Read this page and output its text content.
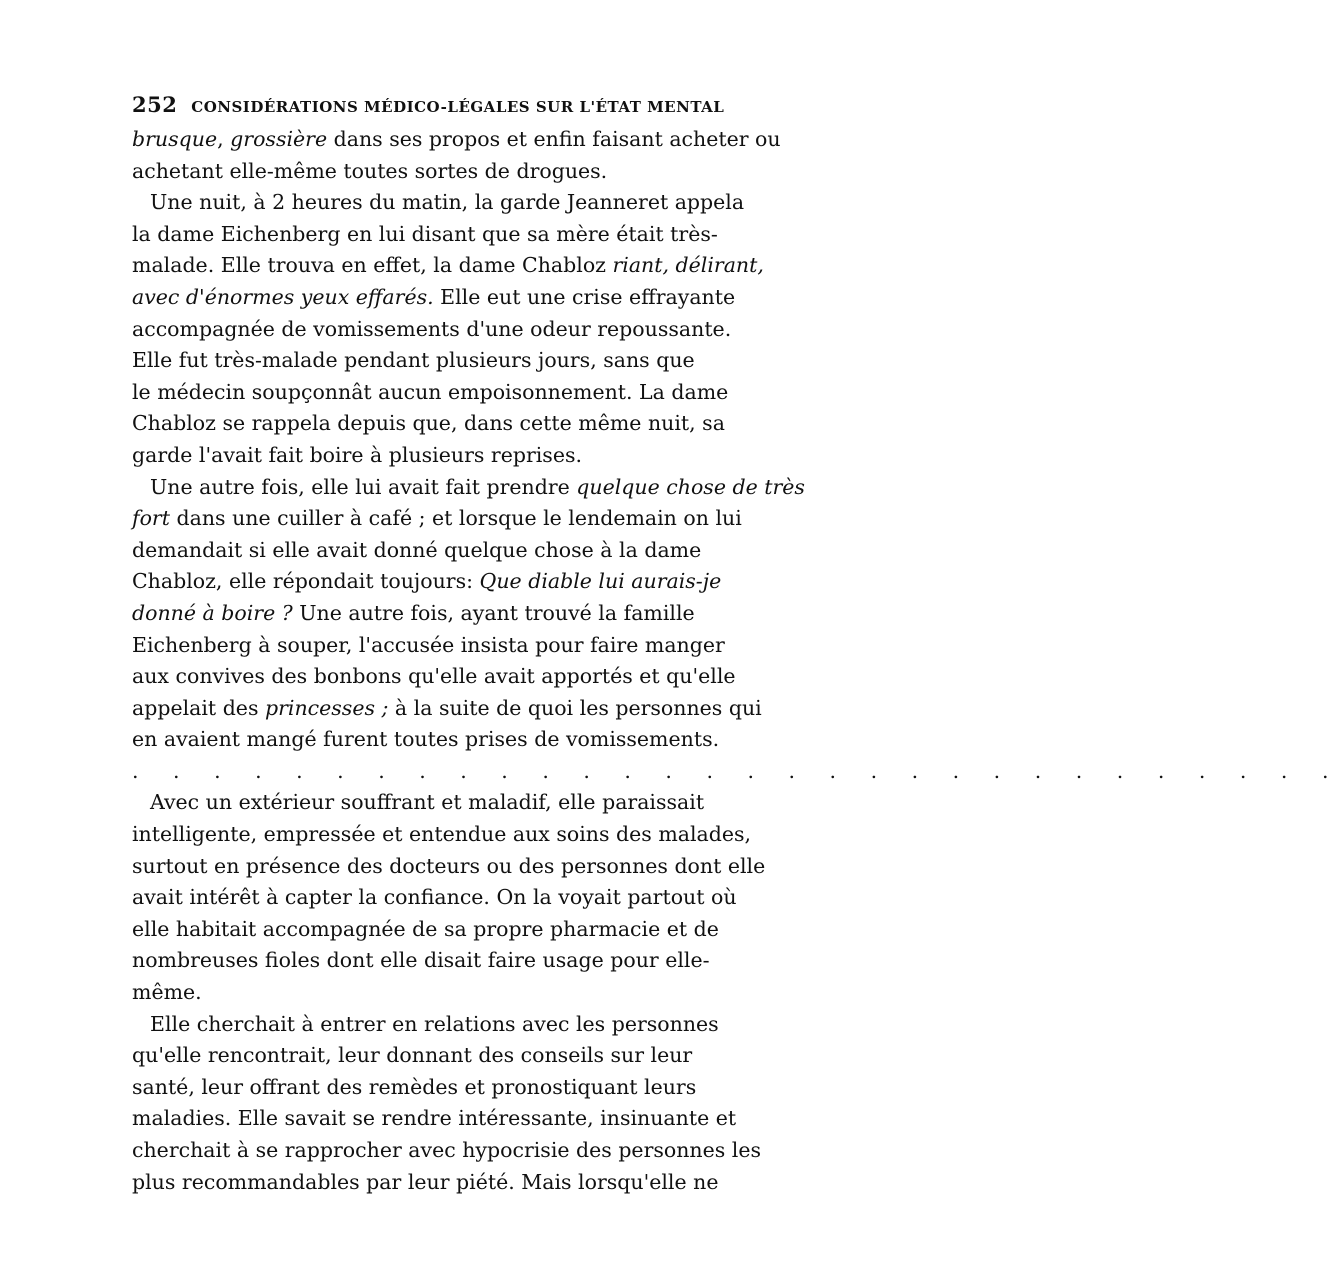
252 CONSIDÉRATIONS MÉDICO-LÉGALES SUR L'ÉTAT MENTAL
brusque, grossière dans ses propos et enfin faisant acheter ou
achetant elle-même toutes sortes de drogues.
Une nuit, à 2 heures du matin, la garde Jeanneret appela
la dame Eichenberg en lui disant que sa mère était très-
malade. Elle trouva en effet, la dame Chabloz riant, délirant,
avec d'énormes yeux effarés. Elle eut une crise effrayante
accompagnée de vomissements d'une odeur repoussante.
Elle fut très-malade pendant plusieurs jours, sans que
le médecin soupçonnât aucun empoisonnement. La dame
Chabloz se rappela depuis que, dans cette même nuit, sa
garde l'avait fait boire à plusieurs reprises.
Une autre fois, elle lui avait fait prendre quelque chose de très
fort dans une cuiller à café ; et lorsque le lendemain on lui
demandait si elle avait donné quelque chose à la dame
Chabloz, elle répondait toujours: Que diable lui aurais-je
donné à boire ? Une autre fois, ayant trouvé la famille
Eichenberg à souper, l'accusée insista pour faire manger
aux convives des bonbons qu'elle avait apportés et qu'elle
appelait des princesses ; à la suite de quoi les personnes qui
en avaient mangé furent toutes prises de vomissements.
. . . . . . . . . . . . . . . . . . . . . . . . . . . . . .
Avec un extérieur souffrant et maladif, elle paraissait
intelligente, empressée et entendue aux soins des malades,
surtout en présence des docteurs ou des personnes dont elle
avait intérêt à capter la confiance. On la voyait partout où
elle habitait accompagnée de sa propre pharmacie et de
nombreuses fioles dont elle disait faire usage pour elle-
même.
Elle cherchait à entrer en relations avec les personnes
qu'elle rencontrait, leur donnant des conseils sur leur
santé, leur offrant des remèdes et pronostiquant leurs
maladies. Elle savait se rendre intéressante, insinuante et
cherchait à se rapprocher avec hypocrisie des personnes les
plus recommandables par leur piété. Mais lorsqu'elle ne
